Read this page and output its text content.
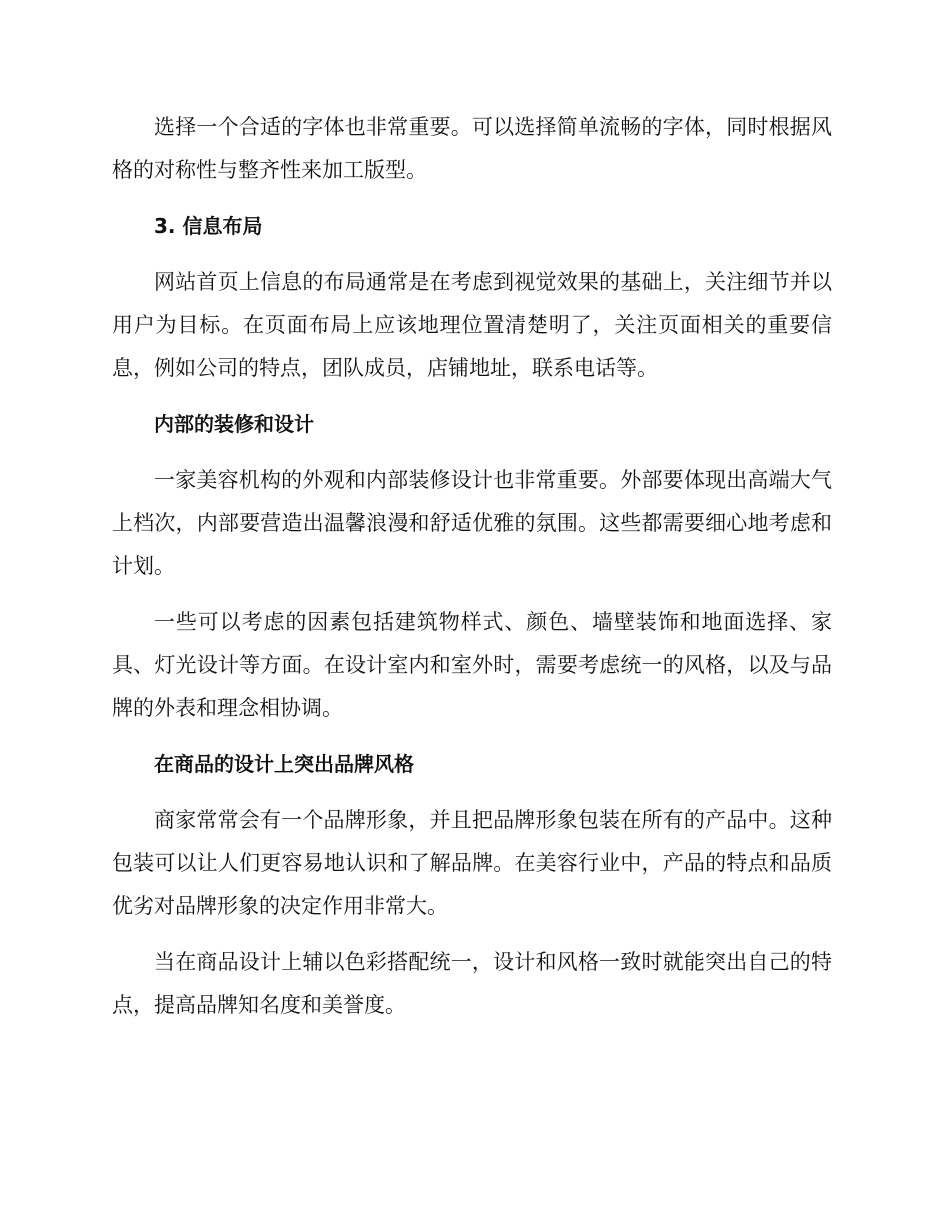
选择一个合适的字体也非常重要。可以选择简单流畅的字体，同时根据风格的对称性与整齐性来加工版型。

3. 信息布局

网站首页上信息的布局通常是在考虑到视觉效果的基础上，关注细节并以用户为目标。在页面布局上应该地理位置清楚明了，关注页面相关的重要信息，例如公司的特点，团队成员，店铺地址，联系电话等。

内部的装修和设计

一家美容机构的外观和内部装修设计也非常重要。外部要体现出高端大气上档次，内部要营造出温馨浪漫和舒适优雅的氛围。这些都需要细心地考虑和计划。

一些可以考虑的因素包括建筑物样式、颜色、墙壁装饰和地面选择、家具、灯光设计等方面。在设计室内和室外时，需要考虑统一的风格，以及与品牌的外表和理念相协调。

在商品的设计上突出品牌风格

商家常常会有一个品牌形象，并且把品牌形象包装在所有的产品中。这种包装可以让人们更容易地认识和了解品牌。在美容行业中，产品的特点和品质优劣对品牌形象的决定作用非常大。

当在商品设计上辅以色彩搭配统一，设计和风格一致时就能突出自己的特点，提高品牌知名度和美誉度。
